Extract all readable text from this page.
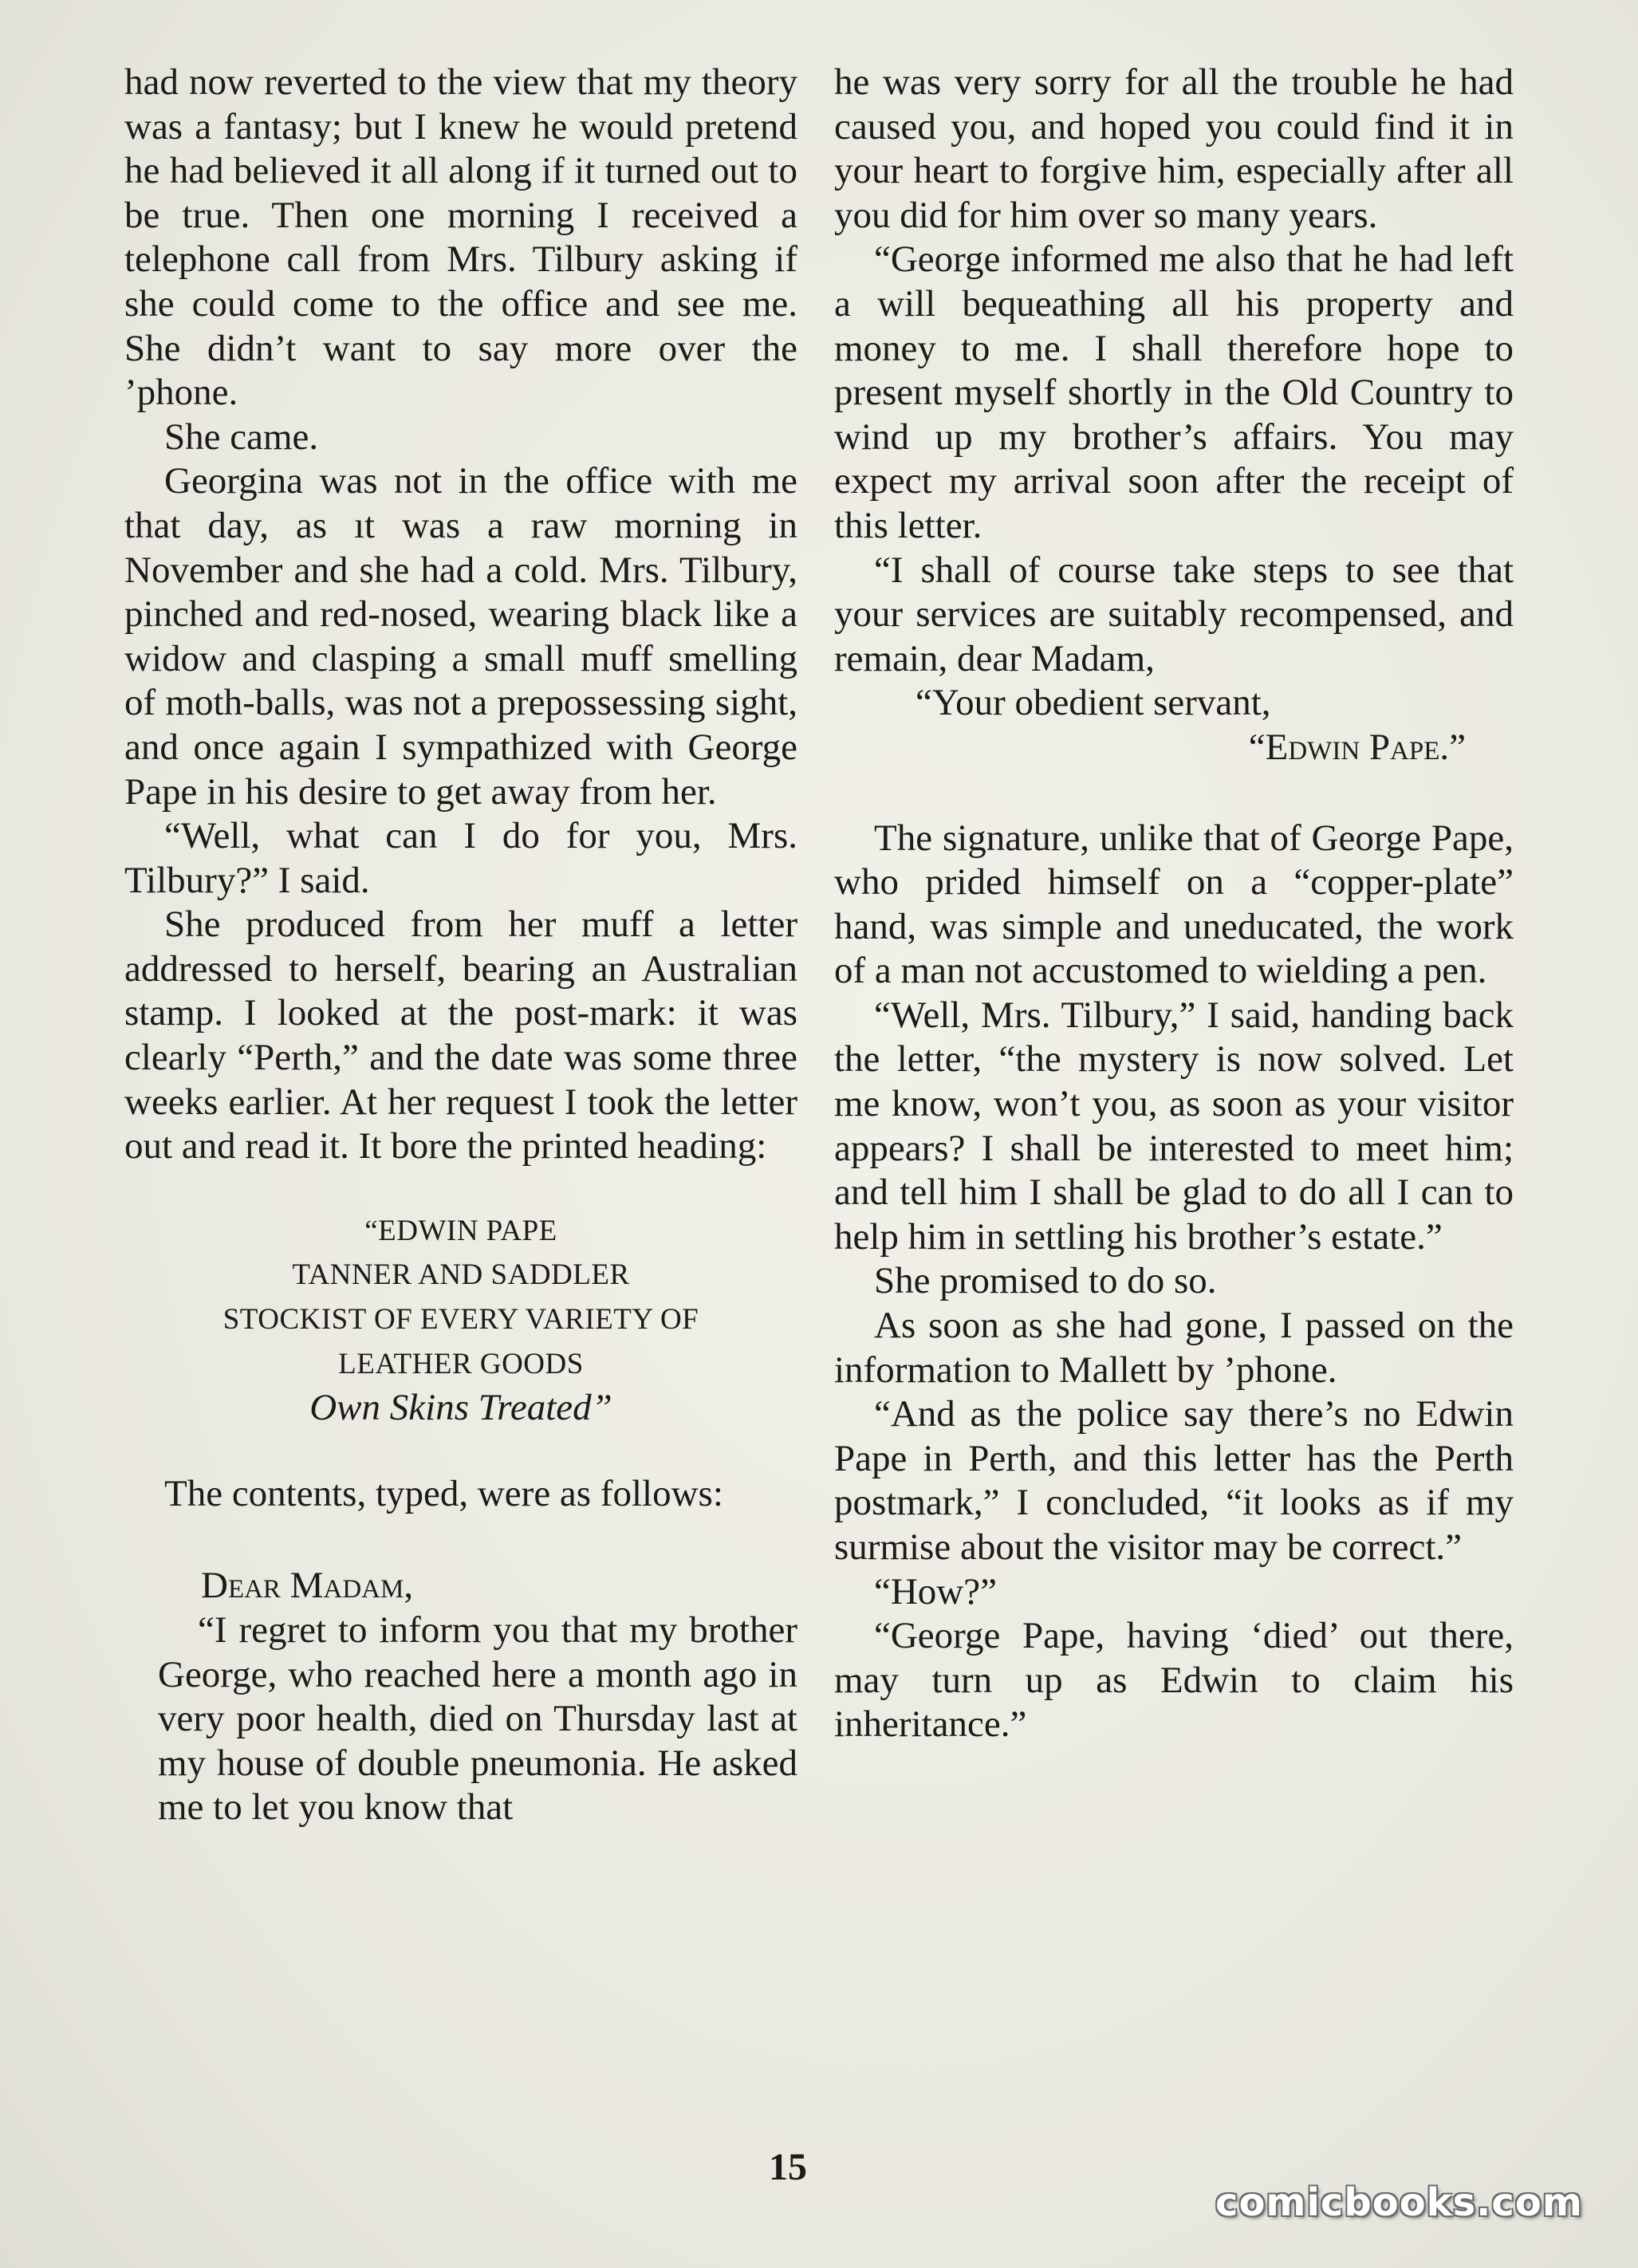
had now reverted to the view that my theory was a fantasy; but I knew he would pretend he had believed it all along if it turned out to be true. Then one morning I received a telephone call from Mrs. Tilbury asking if she could come to the office and see me. She didn’t want to say more over the ’phone.

She came.

Georgina was not in the office with me that day, as ıt was a raw morning in November and she had a cold. Mrs. Tilbury, pinched and red-nosed, wearing black like a widow and clasping a small muff smelling of moth-balls, was not a prepossessing sight, and once again I sympathized with George Pape in his desire to get away from her.

“Well, what can I do for you, Mrs. Tilbury?” I said.

She produced from her muff a letter addressed to herself, bearing an Australian stamp. I looked at the post-mark: it was clearly “Perth,” and the date was some three weeks earlier. At her request I took the letter out and read it. It bore the printed heading:

“EDWIN PAPE
TANNER AND SADDLER
STOCKIST OF EVERY VARIETY OF
LEATHER GOODS
Own Skins Treated”

The contents, typed, were as follows:

Dear Madam,

“I regret to inform you that my brother George, who reached here a month ago in very poor health, died on Thursday last at my house of double pneumonia. He asked me to let you know that

he was very sorry for all the trouble he had caused you, and hoped you could find it in your heart to forgive him, especially after all you did for him over so many years.

“George informed me also that he had left a will bequeathing all his property and money to me. I shall therefore hope to present myself shortly in the Old Country to wind up my brother’s affairs. You may expect my arrival soon after the receipt of this letter.

“I shall of course take steps to see that your services are suitably recompensed, and remain, dear Madam,

“Your obedient servant,

“Edwin Pape.”

The signature, unlike that of George Pape, who prided himself on a “copper-plate” hand, was simple and uneducated, the work of a man not accustomed to wielding a pen.

“Well, Mrs. Tilbury,” I said, handing back the letter, “the mystery is now solved. Let me know, won’t you, as soon as your visitor appears? I shall be interested to meet him; and tell him I shall be glad to do all I can to help him in settling his brother’s estate.”

She promised to do so.

As soon as she had gone, I passed on the information to Mallett by ’phone.

“And as the police say there’s no Edwin Pape in Perth, and this letter has the Perth postmark,” I concluded, “it looks as if my surmise about the visitor may be correct.”

“How?”

“George Pape, having ‘died’ out there, may turn up as Edwin to claim his inheritance.”

15
comicbooks.com
